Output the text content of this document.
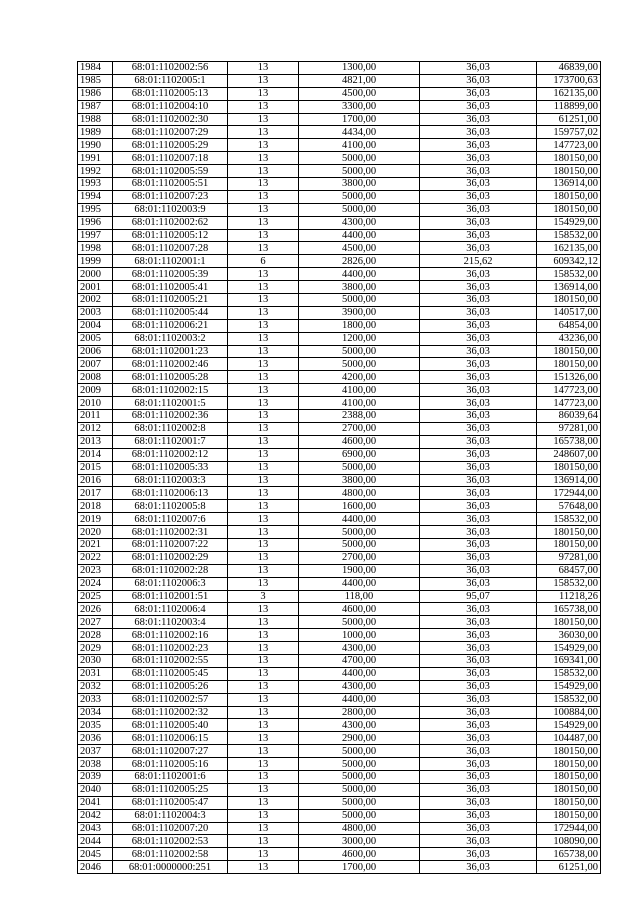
1984	68:01:1102002:56	13	1300,00	36,03	46839,00
1985	68:01:1102005:1	13	4821,00	36,03	173700,63
1986	68:01:1102005:13	13	4500,00	36,03	162135,00
1987	68:01:1102004:10	13	3300,00	36,03	118899,00
1988	68:01:1102002:30	13	1700,00	36,03	61251,00
1989	68:01:1102007:29	13	4434,00	36,03	159757,02
1990	68:01:1102005:29	13	4100,00	36,03	147723,00
1991	68:01:1102007:18	13	5000,00	36,03	180150,00
1992	68:01:1102005:59	13	5000,00	36,03	180150,00
1993	68:01:1102005:51	13	3800,00	36,03	136914,00
1994	68:01:1102007:23	13	5000,00	36,03	180150,00
1995	68:01:1102003:9	13	5000,00	36,03	180150,00
1996	68:01:1102002:62	13	4300,00	36,03	154929,00
1997	68:01:1102005:12	13	4400,00	36,03	158532,00
1998	68:01:1102007:28	13	4500,00	36,03	162135,00
1999	68:01:1102001:1	6	2826,00	215,62	609342,12
2000	68:01:1102005:39	13	4400,00	36,03	158532,00
2001	68:01:1102005:41	13	3800,00	36,03	136914,00
2002	68:01:1102005:21	13	5000,00	36,03	180150,00
2003	68:01:1102005:44	13	3900,00	36,03	140517,00
2004	68:01:1102006:21	13	1800,00	36,03	64854,00
2005	68:01:1102003:2	13	1200,00	36,03	43236,00
2006	68:01:1102001:23	13	5000,00	36,03	180150,00
2007	68:01:1102002:46	13	5000,00	36,03	180150,00
2008	68:01:1102005:28	13	4200,00	36,03	151326,00
2009	68:01:1102002:15	13	4100,00	36,03	147723,00
2010	68:01:1102001:5	13	4100,00	36,03	147723,00
2011	68:01:1102002:36	13	2388,00	36,03	86039,64
2012	68:01:1102002:8	13	2700,00	36,03	97281,00
2013	68:01:1102001:7	13	4600,00	36,03	165738,00
2014	68:01:1102002:12	13	6900,00	36,03	248607,00
2015	68:01:1102005:33	13	5000,00	36,03	180150,00
2016	68:01:1102003:3	13	3800,00	36,03	136914,00
2017	68:01:1102006:13	13	4800,00	36,03	172944,00
2018	68:01:1102005:8	13	1600,00	36,03	57648,00
2019	68:01:1102007:6	13	4400,00	36,03	158532,00
2020	68:01:1102002:31	13	5000,00	36,03	180150,00
2021	68:01:1102007:22	13	5000,00	36,03	180150,00
2022	68:01:1102002:29	13	2700,00	36,03	97281,00
2023	68:01:1102002:28	13	1900,00	36,03	68457,00
2024	68:01:1102006:3	13	4400,00	36,03	158532,00
2025	68:01:1102001:51	3	118,00	95,07	11218,26
2026	68:01:1102006:4	13	4600,00	36,03	165738,00
2027	68:01:1102003:4	13	5000,00	36,03	180150,00
2028	68:01:1102002:16	13	1000,00	36,03	36030,00
2029	68:01:1102002:23	13	4300,00	36,03	154929,00
2030	68:01:1102002:55	13	4700,00	36,03	169341,00
2031	68:01:1102005:45	13	4400,00	36,03	158532,00
2032	68:01:1102005:26	13	4300,00	36,03	154929,00
2033	68:01:1102002:57	13	4400,00	36,03	158532,00
2034	68:01:1102002:32	13	2800,00	36,03	100884,00
2035	68:01:1102005:40	13	4300,00	36,03	154929,00
2036	68:01:1102006:15	13	2900,00	36,03	104487,00
2037	68:01:1102007:27	13	5000,00	36,03	180150,00
2038	68:01:1102005:16	13	5000,00	36,03	180150,00
2039	68:01:1102001:6	13	5000,00	36,03	180150,00
2040	68:01:1102005:25	13	5000,00	36,03	180150,00
2041	68:01:1102005:47	13	5000,00	36,03	180150,00
2042	68:01:1102004:3	13	5000,00	36,03	180150,00
2043	68:01:1102007:20	13	4800,00	36,03	172944,00
2044	68:01:1102002:53	13	3000,00	36,03	108090,00
2045	68:01:1102002:58	13	4600,00	36,03	165738,00
2046	68:01:0000000:251	13	1700,00	36,03	61251,00
